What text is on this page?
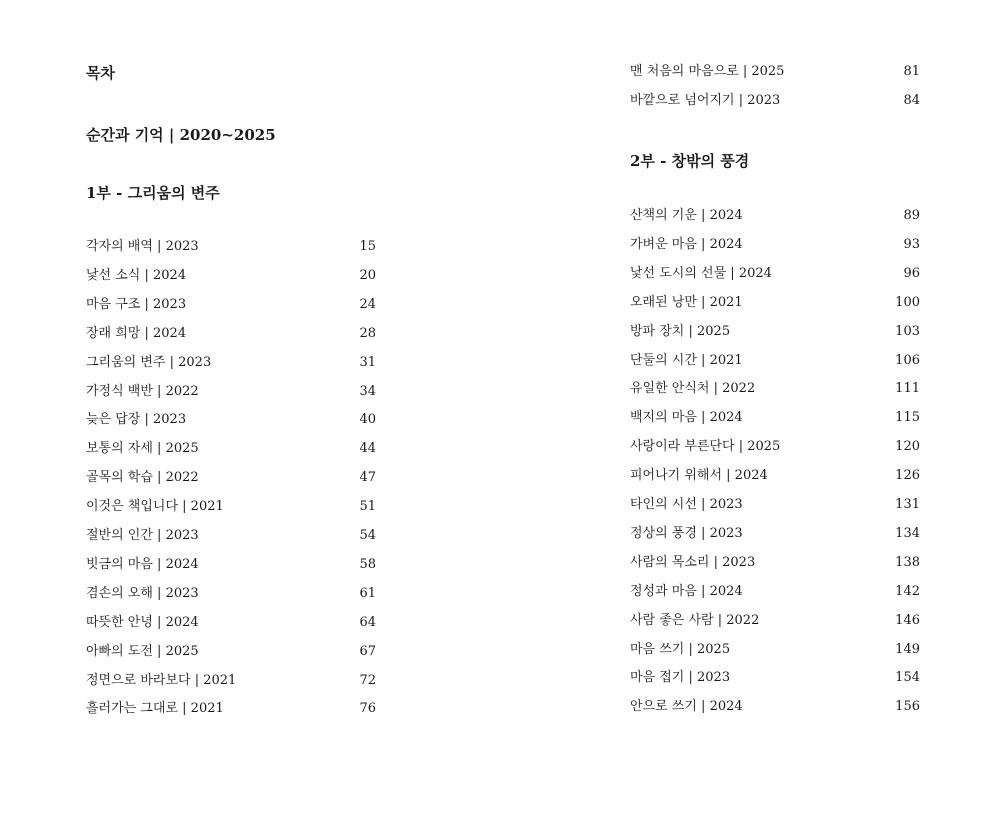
목차
순간과 기억 | 2020~2025
1부 - 그리움의 변주
각자의 배역 | 2023	15
낯선 소식 | 2024	20
마음 구조 | 2023	24
장래 희망 | 2024	28
그리움의 변주 | 2023	31
가정식 백반 | 2022	34
늦은 답장 | 2023	40
보통의 자세 | 2025	44
골목의 학습 | 2022	47
이것은 책입니다 | 2021	51
절반의 인간 | 2023	54
빗금의 마음 | 2024	58
겸손의 오해 | 2023	61
따뜻한 안녕 | 2024	64
아빠의 도전 | 2025	67
정면으로 바라보다 | 2021	72
흘러가는 그대로 | 2021	76
맨 처음의 마음으로 | 2025	81
바깥으로 넘어지기 | 2023	84
2부 - 창밖의 풍경
산책의 기운 | 2024	89
가벼운 마음 | 2024	93
낯선 도시의 선물 | 2024	96
오래된 낭만 | 2021	100
방파 장치 | 2025	103
단둘의 시간 | 2021	106
유일한 안식처 | 2022	111
백지의 마음 | 2024	115
사랑이라 부른단다 | 2025	120
피어나기 위해서 | 2024	126
타인의 시선 | 2023	131
정상의 풍경 | 2023	134
사람의 목소리 | 2023	138
정성과 마음 | 2024	142
사람 좋은 사람 | 2022	146
마음 쓰기 | 2025	149
마음 접기 | 2023	154
안으로 쓰기 | 2024	156
